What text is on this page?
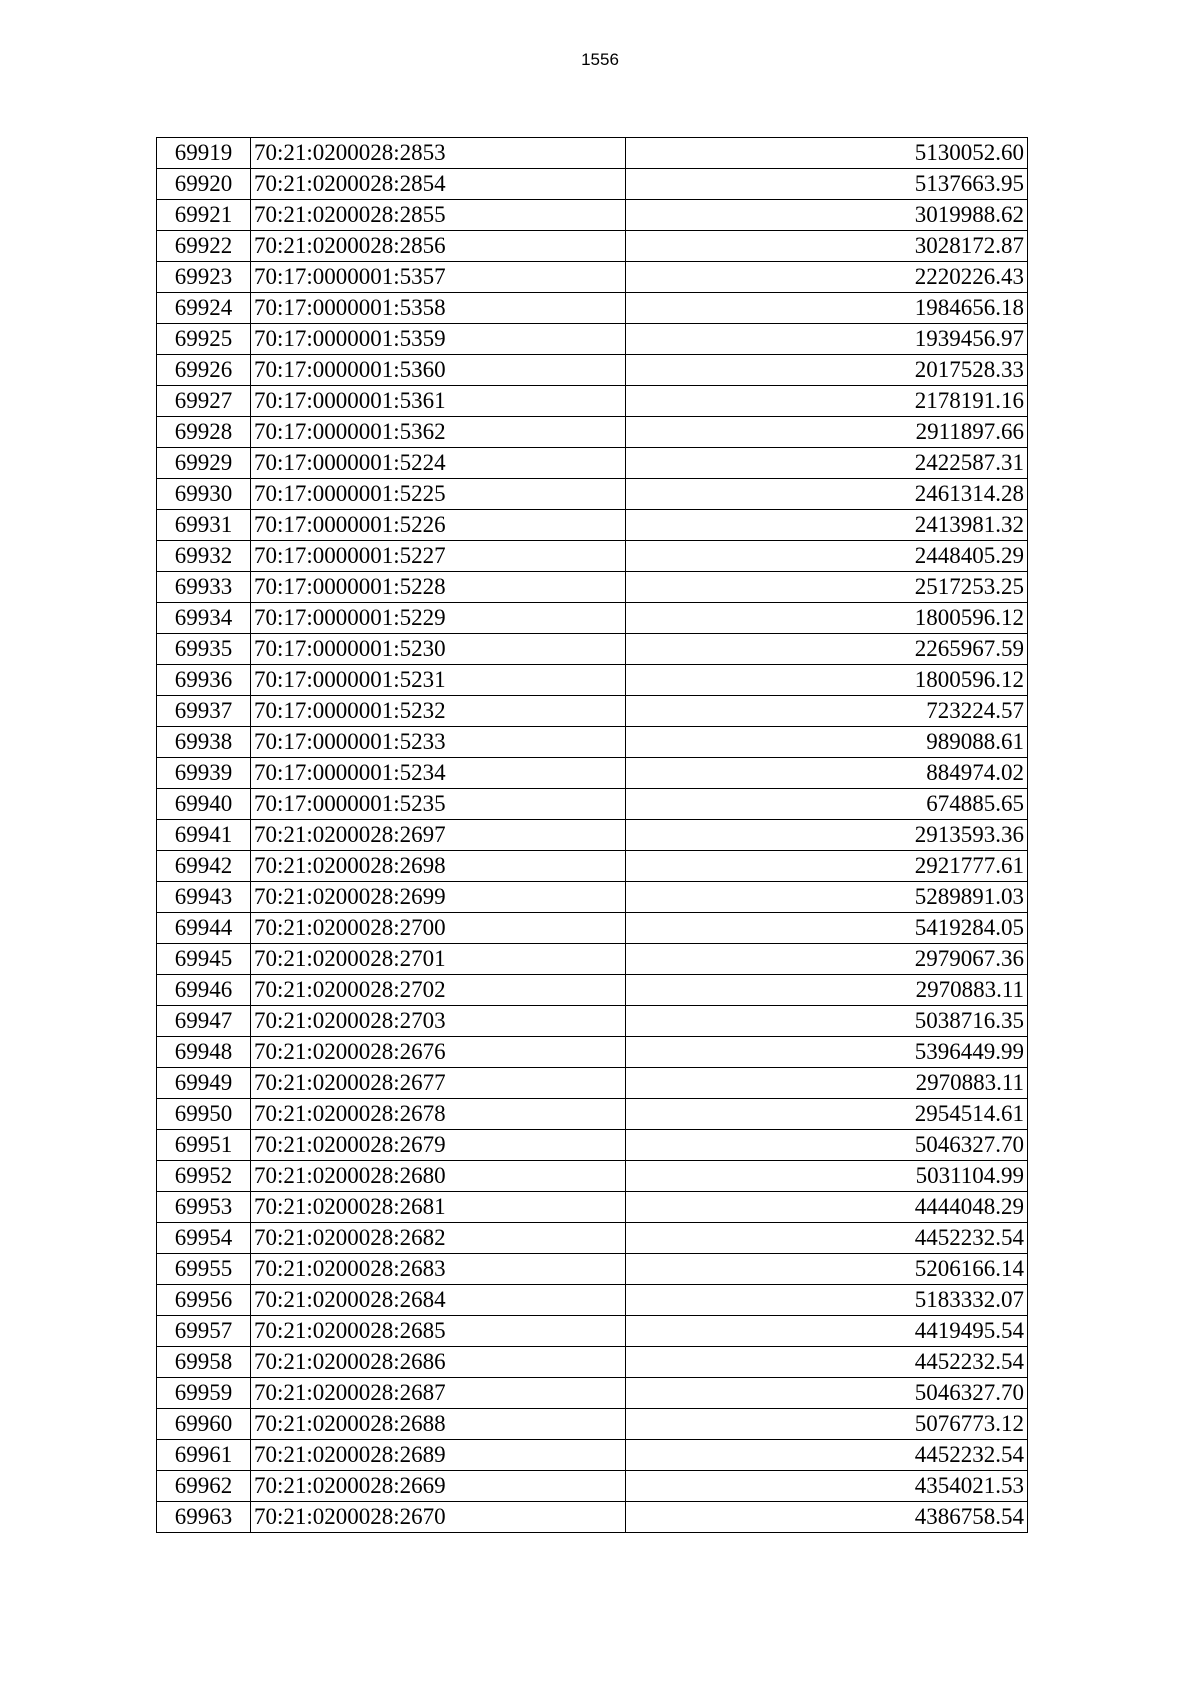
1556
69919	70:21:0200028:2853	5130052.60
69920	70:21:0200028:2854	5137663.95
69921	70:21:0200028:2855	3019988.62
69922	70:21:0200028:2856	3028172.87
69923	70:17:0000001:5357	2220226.43
69924	70:17:0000001:5358	1984656.18
69925	70:17:0000001:5359	1939456.97
69926	70:17:0000001:5360	2017528.33
69927	70:17:0000001:5361	2178191.16
69928	70:17:0000001:5362	2911897.66
69929	70:17:0000001:5224	2422587.31
69930	70:17:0000001:5225	2461314.28
69931	70:17:0000001:5226	2413981.32
69932	70:17:0000001:5227	2448405.29
69933	70:17:0000001:5228	2517253.25
69934	70:17:0000001:5229	1800596.12
69935	70:17:0000001:5230	2265967.59
69936	70:17:0000001:5231	1800596.12
69937	70:17:0000001:5232	723224.57
69938	70:17:0000001:5233	989088.61
69939	70:17:0000001:5234	884974.02
69940	70:17:0000001:5235	674885.65
69941	70:21:0200028:2697	2913593.36
69942	70:21:0200028:2698	2921777.61
69943	70:21:0200028:2699	5289891.03
69944	70:21:0200028:2700	5419284.05
69945	70:21:0200028:2701	2979067.36
69946	70:21:0200028:2702	2970883.11
69947	70:21:0200028:2703	5038716.35
69948	70:21:0200028:2676	5396449.99
69949	70:21:0200028:2677	2970883.11
69950	70:21:0200028:2678	2954514.61
69951	70:21:0200028:2679	5046327.70
69952	70:21:0200028:2680	5031104.99
69953	70:21:0200028:2681	4444048.29
69954	70:21:0200028:2682	4452232.54
69955	70:21:0200028:2683	5206166.14
69956	70:21:0200028:2684	5183332.07
69957	70:21:0200028:2685	4419495.54
69958	70:21:0200028:2686	4452232.54
69959	70:21:0200028:2687	5046327.70
69960	70:21:0200028:2688	5076773.12
69961	70:21:0200028:2689	4452232.54
69962	70:21:0200028:2669	4354021.53
69963	70:21:0200028:2670	4386758.54
